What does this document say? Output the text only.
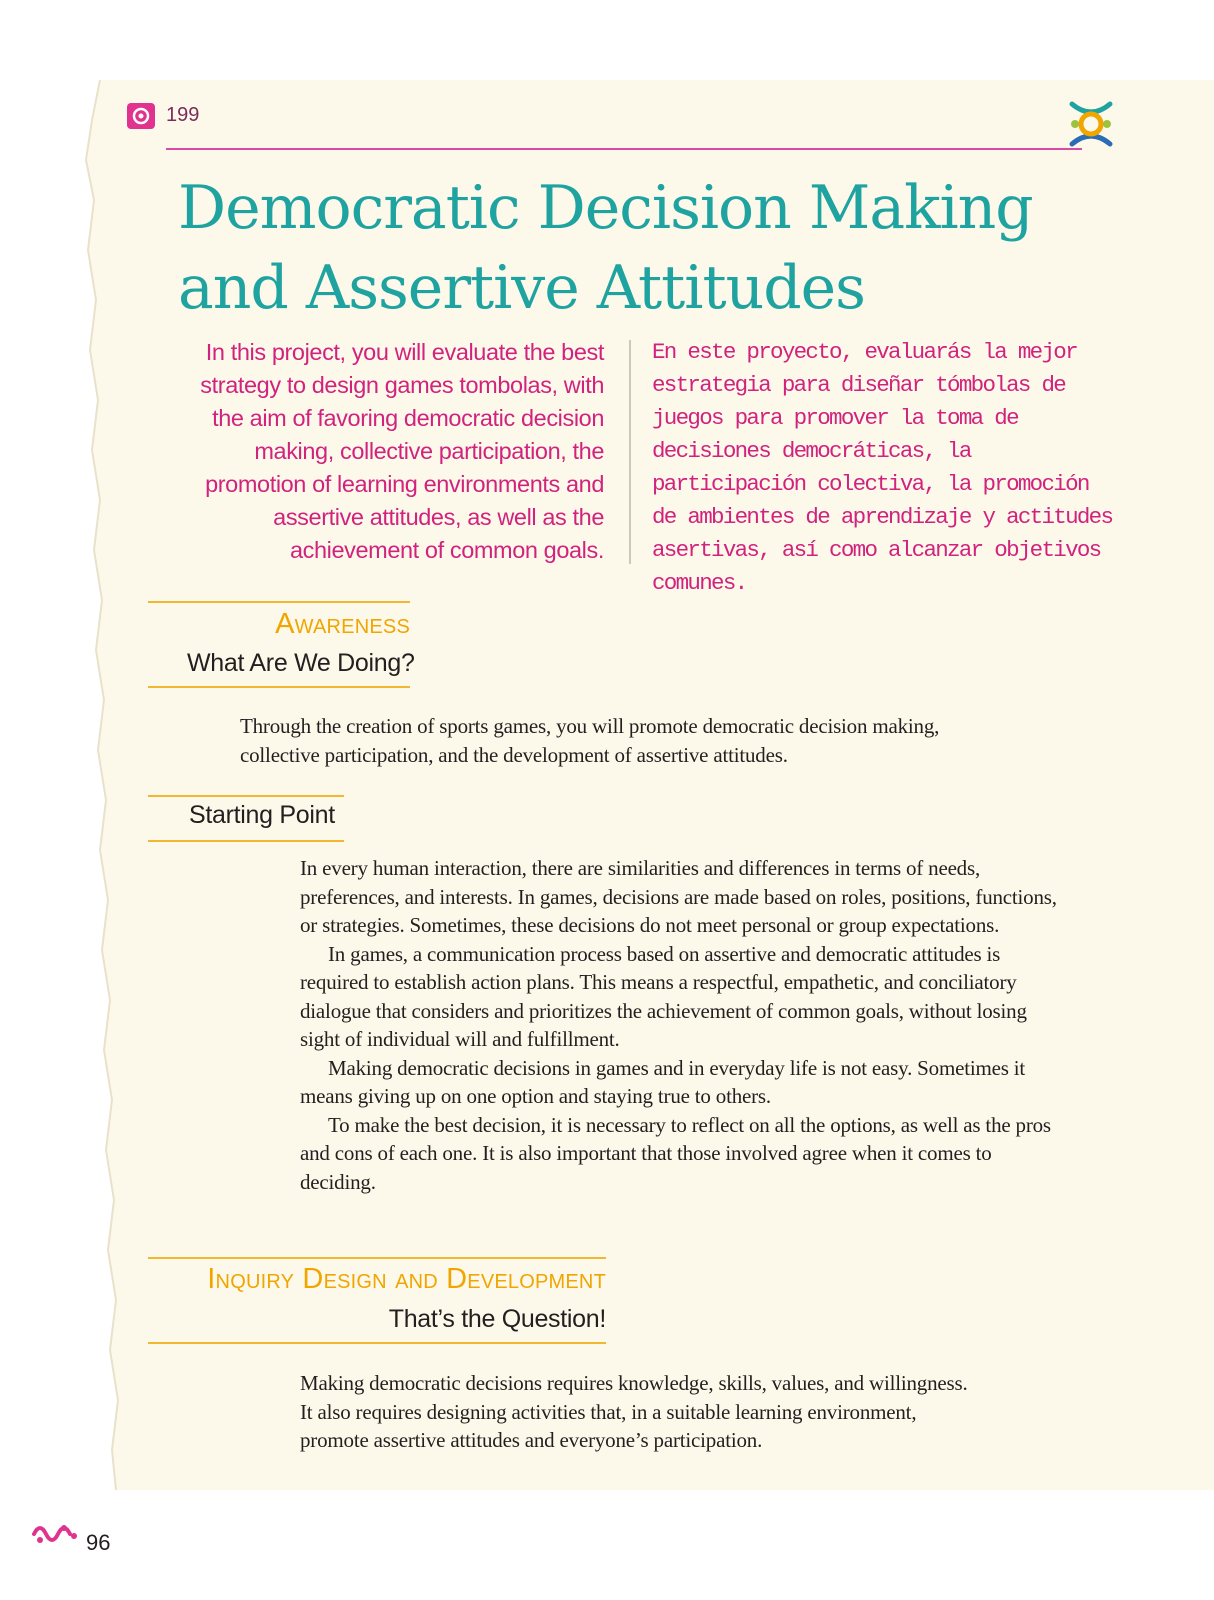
199
Democratic Decision Making
and Assertive Attitudes
In this project, you will evaluate the best strategy to design games tombolas, with the aim of favoring democratic decision making, collective participation, the promotion of learning environments and assertive attitudes, as well as the achievement of common goals.
En este proyecto, evaluarás la mejor estrategia para diseñar tómbolas de juegos para promover la toma de decisiones democráticas, la participación colectiva, la promoción de ambientes de aprendizaje y actitudes asertivas, así como alcanzar objetivos comunes.
Awareness
What Are We Doing?
Through the creation of sports games, you will promote democratic decision making, collective participation, and the development of assertive attitudes.
Starting Point

In every human interaction, there are similarities and differences in terms of needs, preferences, and interests. In games, decisions are made based on roles, positions, functions, or strategies. Sometimes, these decisions do not meet personal or group expectations.

In games, a communication process based on assertive and democratic attitudes is required to establish action plans. This means a respectful, empathetic, and conciliatory dialogue that considers and prioritizes the achievement of common goals, without losing sight of individual will and fulfillment.

Making democratic decisions in games and in everyday life is not easy. Sometimes it means giving up on one option and staying true to others.

To make the best decision, it is necessary to reflect on all the options, as well as the pros and cons of each one. It is also important that those involved agree when it comes to deciding.

Inquiry Design and Development
That’s the Question!
Making democratic decisions requires knowledge, skills, values, and willingness. It also requires designing activities that, in a suitable learning environment, promote assertive attitudes and everyone’s participation.
96
